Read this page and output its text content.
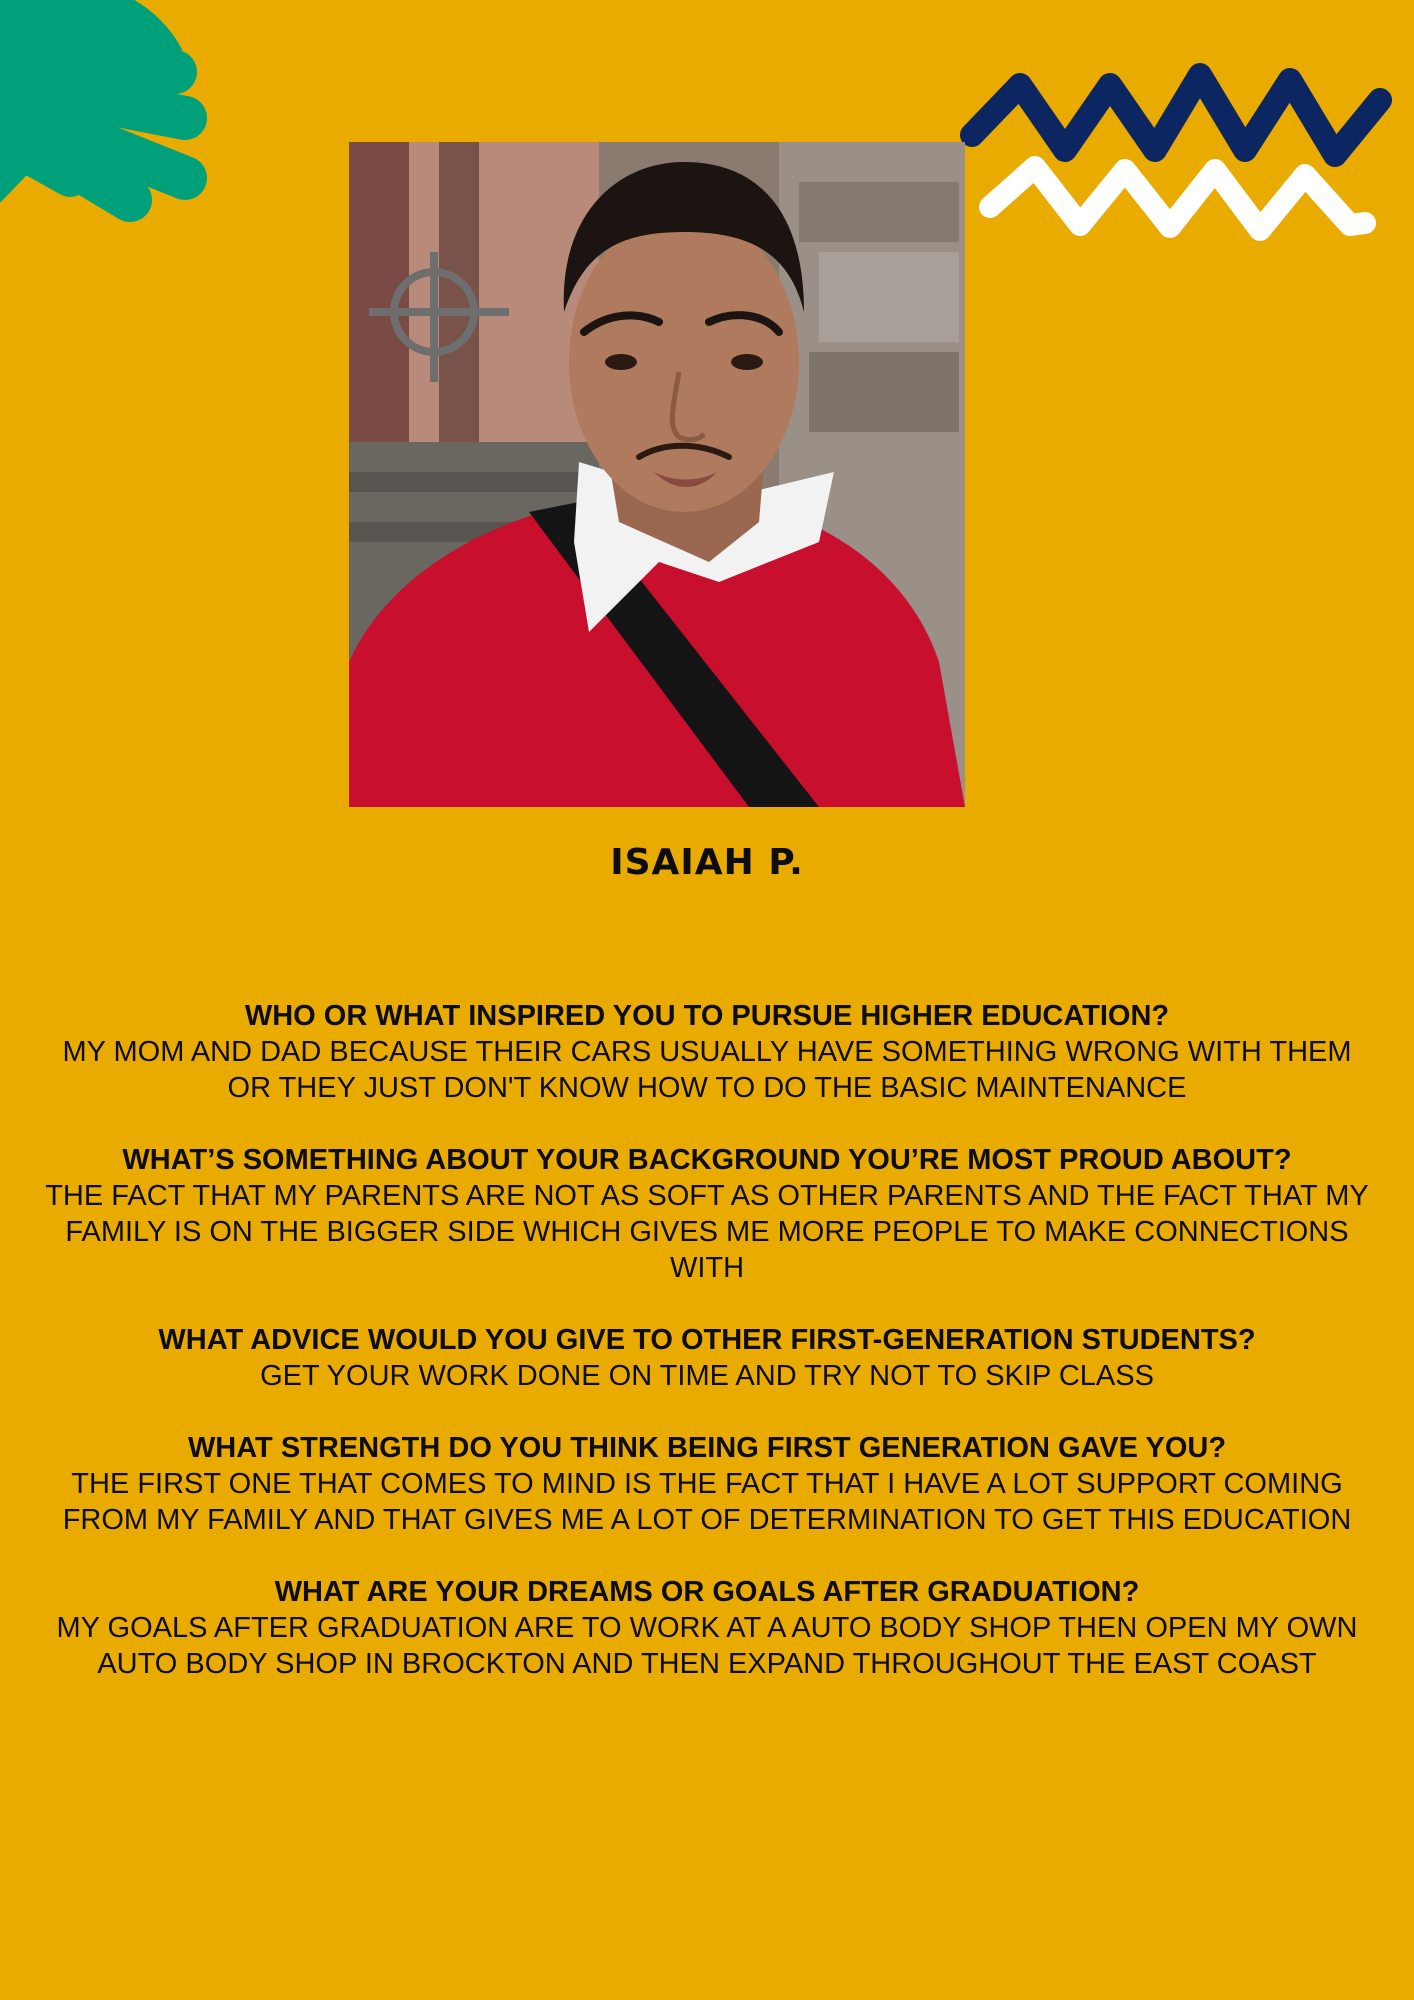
ISAIAH P.

WHO OR WHAT INSPIRED YOU TO PURSUE HIGHER EDUCATION?

MY MOM AND DAD BECAUSE THEIR CARS USUALLY HAVE SOMETHING WRONG WITH THEM OR THEY JUST DON'T KNOW HOW TO DO THE BASIC MAINTENANCE

WHAT’S SOMETHING ABOUT YOUR BACKGROUND YOU’RE MOST PROUD ABOUT?

THE FACT THAT MY PARENTS ARE NOT AS SOFT AS OTHER PARENTS AND THE FACT THAT MY FAMILY IS ON THE BIGGER SIDE WHICH GIVES ME MORE PEOPLE TO MAKE CONNECTIONS WITH

WHAT ADVICE WOULD YOU GIVE TO OTHER FIRST-GENERATION STUDENTS?

GET YOUR WORK DONE ON TIME AND TRY NOT TO SKIP CLASS

WHAT STRENGTH DO YOU THINK BEING FIRST GENERATION GAVE YOU?

THE FIRST ONE THAT COMES TO MIND IS THE FACT THAT I HAVE A LOT SUPPORT COMING FROM MY FAMILY AND THAT GIVES ME A LOT OF DETERMINATION TO GET THIS EDUCATION

WHAT ARE YOUR DREAMS OR GOALS AFTER GRADUATION?

MY GOALS AFTER GRADUATION ARE TO WORK AT A AUTO BODY SHOP THEN OPEN MY OWN AUTO BODY SHOP IN BROCKTON AND THEN EXPAND THROUGHOUT THE EAST COAST
